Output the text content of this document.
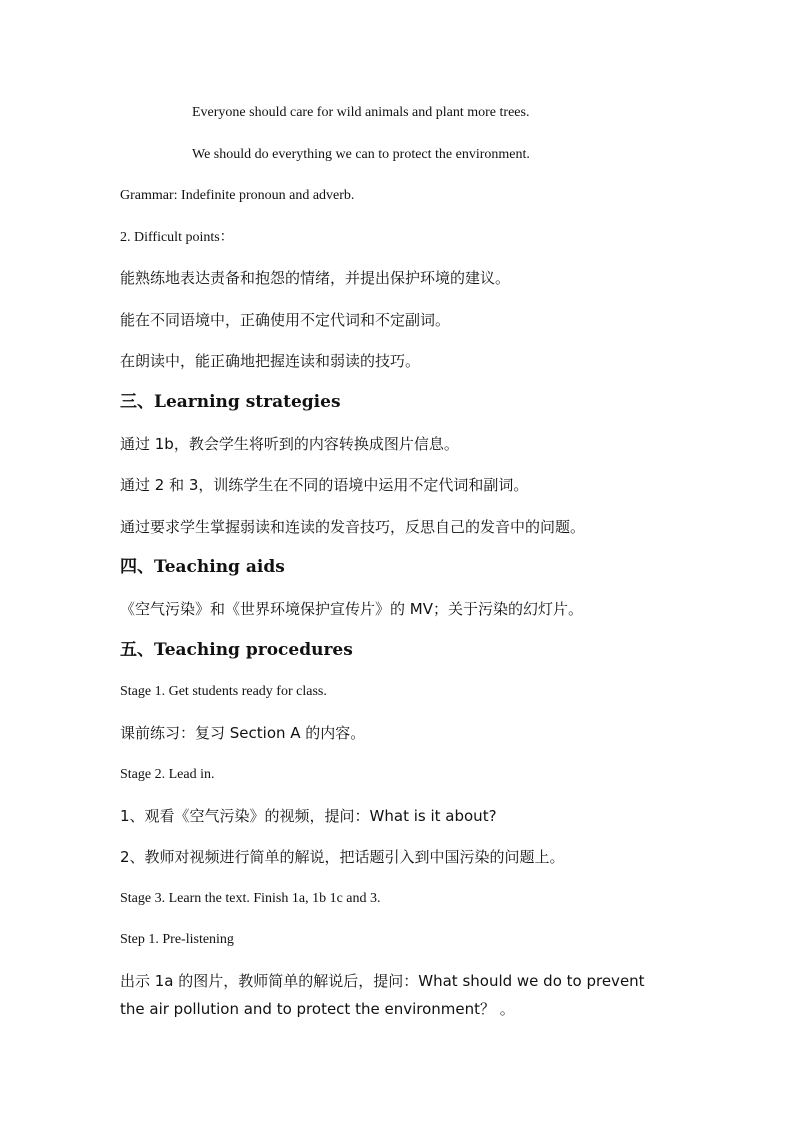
Everyone should care for wild animals and plant more trees.
We should do everything we can to protect the environment.
Grammar: Indefinite pronoun and adverb.
2. Difficult points：
能熟练地表达责备和抱怨的情绪，并提出保护环境的建议。
能在不同语境中，正确使用不定代词和不定副词。
在朗读中，能正确地把握连读和弱读的技巧。
三、Learning strategies
通过 1b，教会学生将听到的内容转换成图片信息。
通过 2 和 3，训练学生在不同的语境中运用不定代词和副词。
通过要求学生掌握弱读和连读的发音技巧，反思自己的发音中的问题。
四、Teaching aids
《空气污染》和《世界环境保护宣传片》的 MV；关于污染的幻灯片。
五、Teaching procedures
Stage 1. Get students ready for class.
课前练习：复习 Section A 的内容。
Stage 2. Lead in.
1、观看《空气污染》的视频，提问：What is it about?
2、教师对视频进行简单的解说，把话题引入到中国污染的问题上。
Stage 3. Learn the text. Finish 1a, 1b 1c and 3.
Step 1. Pre-listening
出示 1a 的图片，教师简单的解说后，提问：What should we do to prevent the air pollution and to protect the environment？ 。
